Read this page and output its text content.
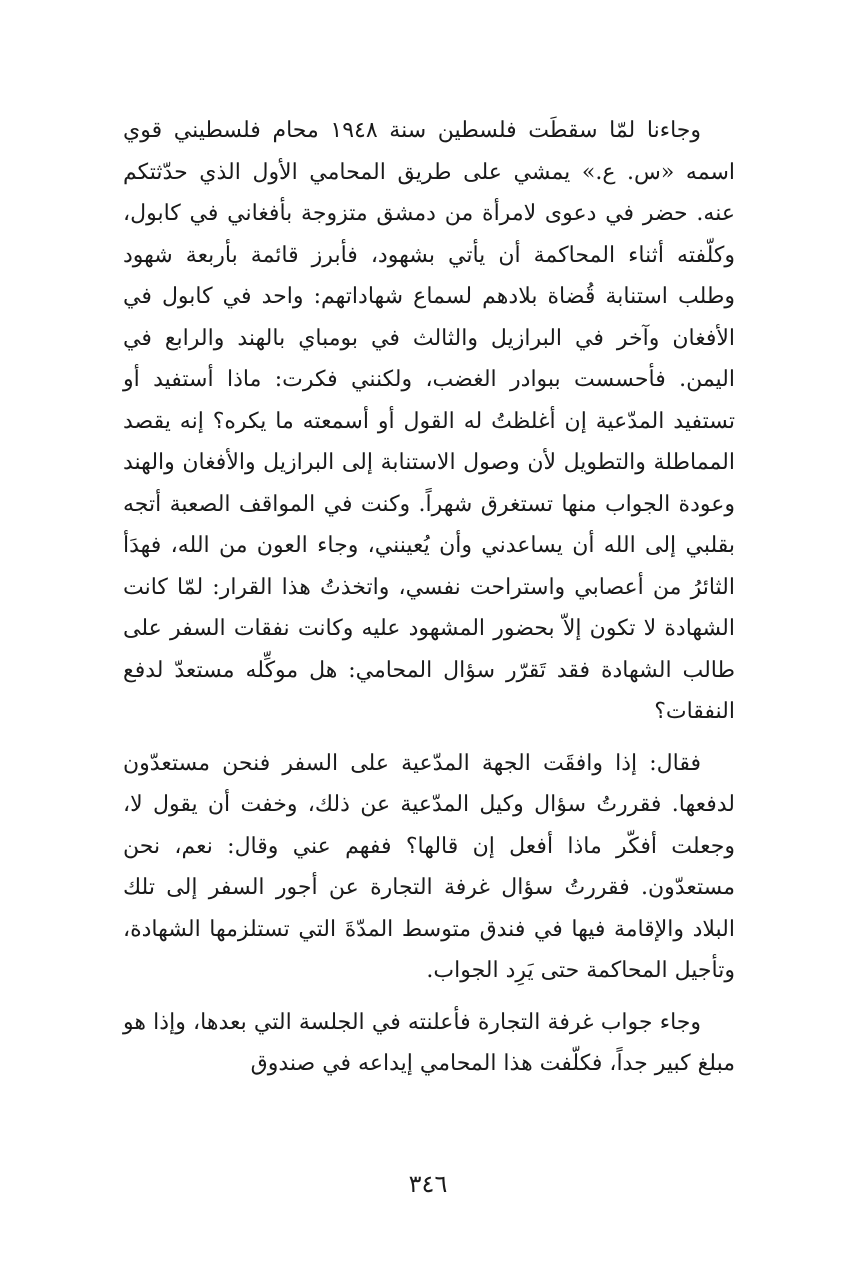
وجاءنا لمّا سقطَت فلسطين سنة ١٩٤٨ محام فلسطيني قوي اسمه «س. ع.» يمشي على طريق المحامي الأول الذي حدّثتكم عنه. حضر في دعوى لامرأة من دمشق متزوجة بأفغاني في كابول، وكلّفته أثناء المحاكمة أن يأتي بشهود، فأبرز قائمة بأربعة شهود وطلب استنابة قُضاة بلادهم لسماع شهاداتهم: واحد في كابول في الأفغان وآخر في البرازيل والثالث في بومباي بالهند والرابع في اليمن. فأحسست ببوادر الغضب، ولكنني فكرت: ماذا أستفيد أو تستفيد المدّعية إن أغلظتُ له القول أو أسمعته ما يكره؟ إنه يقصد المماطلة والتطويل لأن وصول الاستنابة إلى البرازيل والأفغان والهند وعودة الجواب منها تستغرق شهراً. وكنت في المواقف الصعبة أتجه بقلبي إلى الله أن يساعدني وأن يُعينني، وجاء العون من الله، فهدَأ الثائرُ من أعصابي واستراحت نفسي، واتخذتُ هذا القرار: لمّا كانت الشهادة لا تكون إلاّ بحضور المشهود عليه وكانت نفقات السفر على طالب الشهادة فقد تَقرّر سؤال المحامي: هل موكِّله مستعدّ لدفع النفقات؟

فقال: إذا وافقَت الجهة المدّعية على السفر فنحن مستعدّون لدفعها. فقررتُ سؤال وكيل المدّعية عن ذلك، وخفت أن يقول لا، وجعلت أفكّر ماذا أفعل إن قالها؟ ففهم عني وقال: نعم، نحن مستعدّون. فقررتُ سؤال غرفة التجارة عن أجور السفر إلى تلك البلاد والإقامة فيها في فندق متوسط المدّةَ التي تستلزمها الشهادة، وتأجيل المحاكمة حتى يَرِد الجواب.

وجاء جواب غرفة التجارة فأعلنته في الجلسة التي بعدها، وإذا هو مبلغ كبير جداً، فكلّفت هذا المحامي إيداعه في صندوق

٣٤٦
